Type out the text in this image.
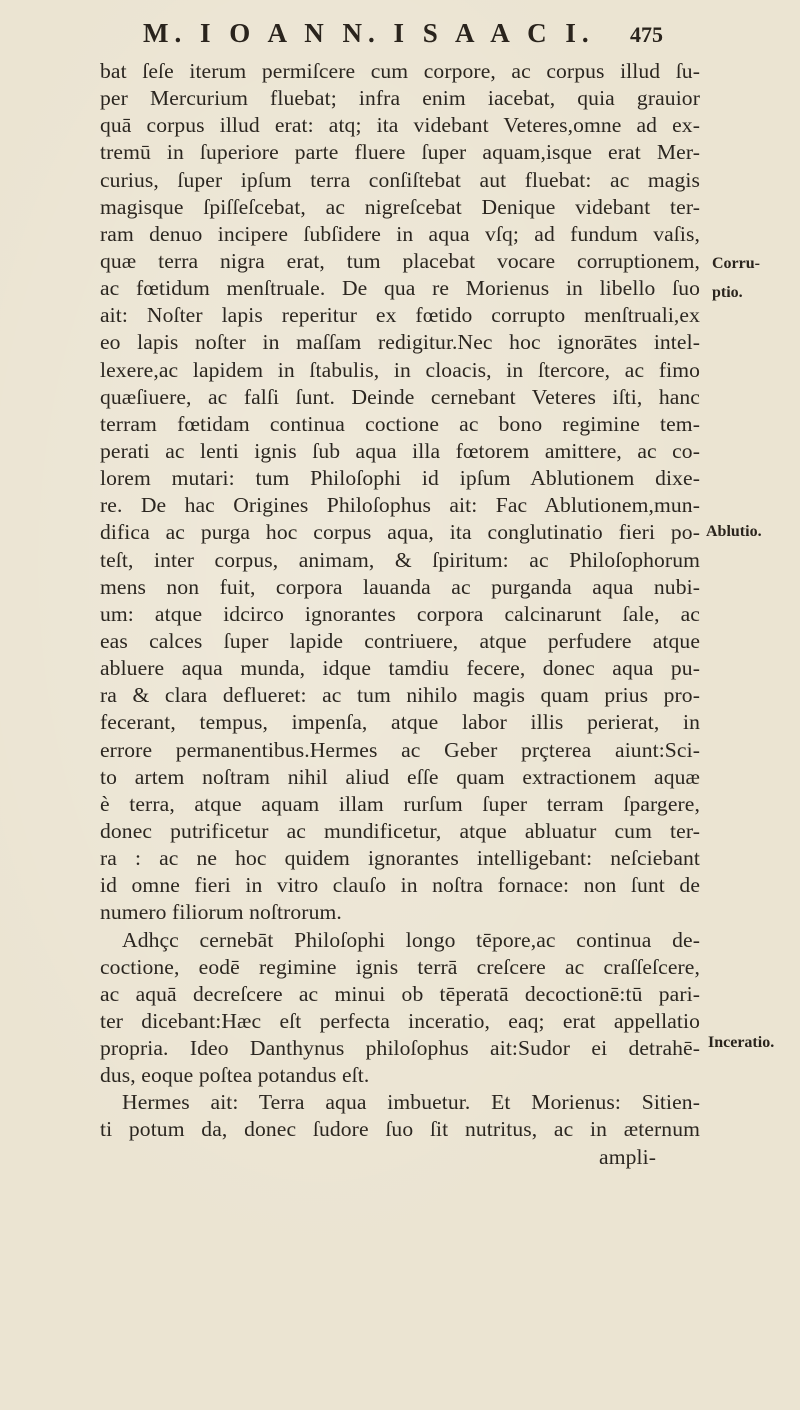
M. I O A N N. I S A A C I. 475
bat ſeſe iterum permiſcere cum corpore, ac corpus illud ſu-
per Mercurium fluebat; infra enim iacebat, quia grauior
quā corpus illud erat: atq; ita videbant Veteres,omne ad ex-
tremū in ſuperiore parte fluere ſuper aquam,isque erat Mer-
curius, ſuper ipſum terra conſiſtebat aut fluebat: ac magis
magisque ſpiſſeſcebat, ac nigreſcebat Denique videbant ter-
ram denuo incipere ſubſidere in aqua vſq; ad fundum vaſis,
quæ terra nigra erat, tum placebat vocare corruptionem,
ac fœtidum menſtruale. De qua re Morienus in libello ſuo
ait: Noſter lapis reperitur ex fœtido corrupto menſtruali,ex
eo lapis noſter in maſſam redigitur.Nec hoc ignorātes intel-
lexere,ac lapidem in ſtabulis, in cloacis, in ſtercore, ac fimo
quæſiuere, ac falſi ſunt. Deinde cernebant Veteres iſti, hanc
terram fœtidam continua coctione ac bono regimine tem-
perati ac lenti ignis ſub aqua illa fœtorem amittere, ac co-
lorem mutari: tum Philoſophi id ipſum Ablutionem dixe-
re. De hac Origines Philoſophus ait: Fac Ablutionem,mun-
difica ac purga hoc corpus aqua, ita conglutinatio fieri po-
teſt, inter corpus, animam, & ſpiritum: ac Philoſophorum
mens non fuit, corpora lauanda ac purganda aqua nubi-
um: atque idcirco ignorantes corpora calcinarunt ſale, ac
eas calces ſuper lapide contriuere, atque perfudere atque
abluere aqua munda, idque tamdiu fecere, donec aqua pu-
ra & clara deflueret: ac tum nihilo magis quam prius pro-
fecerant, tempus, impenſa, atque labor illis perierat, in
errore permanentibus.Hermes ac Geber prçterea aiunt:Sci-
to artem noſtram nihil aliud eſſe quam extractionem aquæ
è terra, atque aquam illam rurſum ſuper terram ſpargere,
donec putrificetur ac mundificetur, atque abluatur cum ter-
ra : ac ne hoc quidem ignorantes intelligebant: neſciebant
id omne fieri in vitro clauſo in noſtra fornace: non ſunt de
numero filiorum noſtrorum.
Adhçc cernebāt Philoſophi longo tēpore,ac continua de-
coctione, eodē regimine ignis terrā creſcere ac craſſeſcere,
ac aquā decreſcere ac minui ob tēperatā decoctionē:tū pari-
ter dicebant:Hæc eſt perfecta inceratio, eaq; erat appellatio
propria. Ideo Danthynus philoſophus ait:Sudor ei detrahē-
dus, eoque poſtea potandus eſt.
Hermes ait: Terra aqua imbuetur. Et Morienus: Sitien-
ti potum da, donec ſudore ſuo ſit nutritus, ac in æternum
ampli-
Corru-
ptio.
Ablutio.
Inceratio.
